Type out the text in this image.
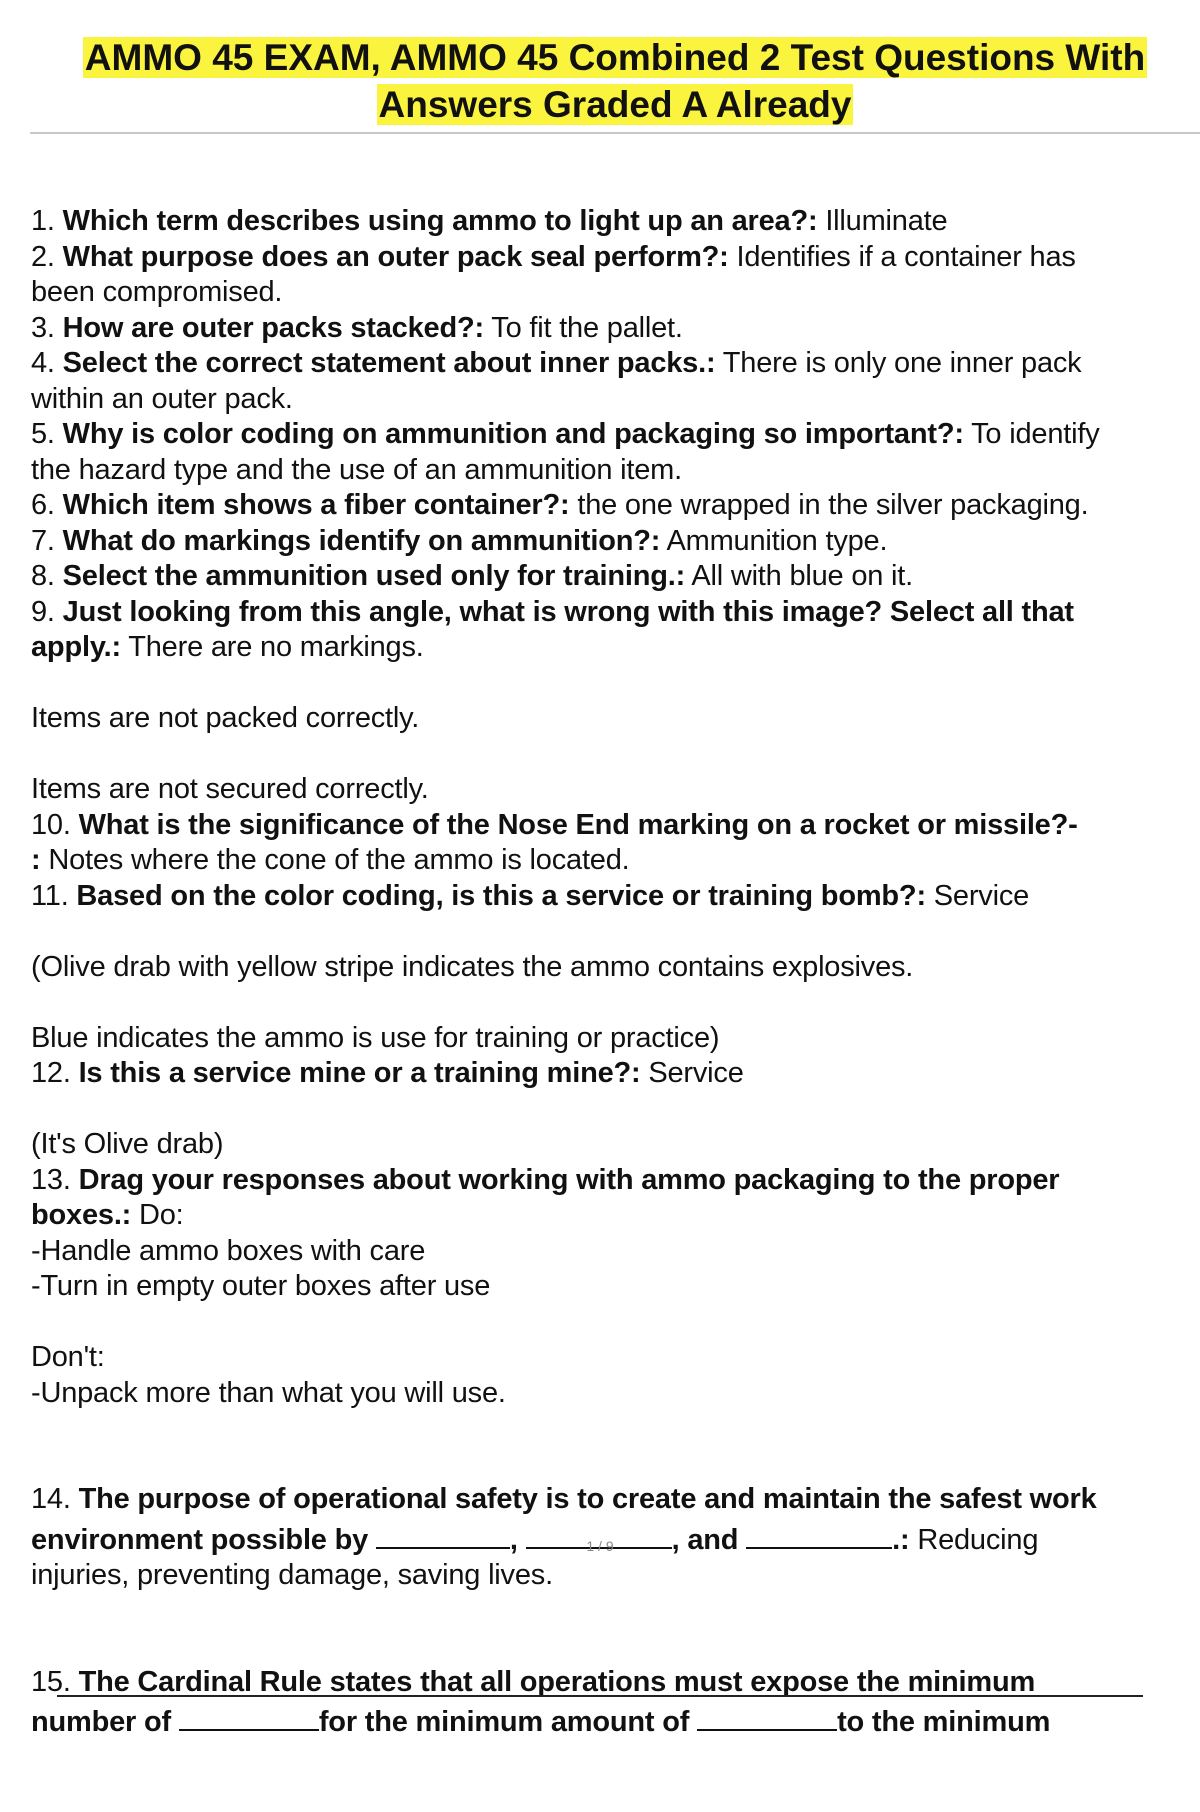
AMMO 45 EXAM, AMMO 45 Combined 2 Test Questions With
Answers Graded A Already

1. Which term describes using ammo to light up an area?: Illuminate
2. What purpose does an outer pack seal perform?: Identifies if a container has
been compromised.
3. How are outer packs stacked?: To fit the pallet.
4. Select the correct statement about inner packs.: There is only one inner pack
within an outer pack.
5. Why is color coding on ammunition and packaging so important?: To identify
the hazard type and the use of an ammunition item.
6. Which item shows a fiber container?: the one wrapped in the silver packaging.
7. What do markings identify on ammunition?: Ammunition type.
8. Select the ammunition used only for training.: All with blue on it.
9. Just looking from this angle, what is wrong with this image? Select all that
apply.: There are no markings.

Items are not packed correctly.

Items are not secured correctly.
10. What is the significance of the Nose End marking on a rocket or missile?-
: Notes where the cone of the ammo is located.
11. Based on the color coding, is this a service or training bomb?: Service

(Olive drab with yellow stripe indicates the ammo contains explosives.

Blue indicates the ammo is use for training or practice)
12. Is this a service mine or a training mine?: Service

(It's Olive drab)
13. Drag your responses about working with ammo packaging to the proper
boxes.: Do:
-Handle ammo boxes with care
-Turn in empty outer boxes after use

Don't:
-Unpack more than what you will use.

14. The purpose of operational safety is to create and maintain the safest work
environment possible by	,	, and	.: Reducing
injuries, preventing damage, saving lives.

15. The Cardinal Rule states that all operations must expose the minimum
number of	for the minimum amount of	to the minimum

1 / 9
